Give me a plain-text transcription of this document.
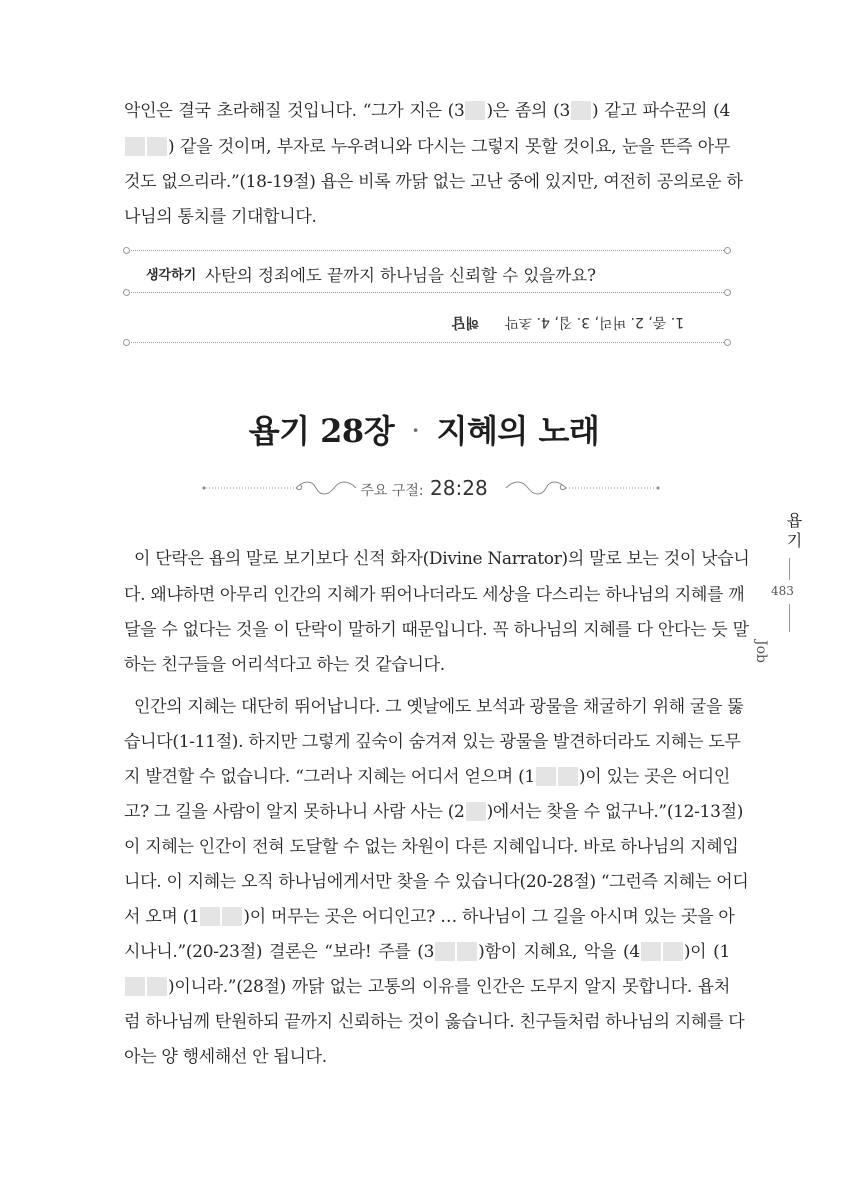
악인은 결국 초라해질 것입니다. “그가 지은 (3 )은 좀의 (3 ) 같고 파수꾼의 (4
) 같을 것이며, 부자로 누우려니와 다시는 그렇지 못할 것이요, 눈을 뜬즉 아무
것도 없으리라.”(18-19절) 욥은 비록 까닭 없는 고난 중에 있지만, 여전히 공의로운 하
나님의 통치를 기대합니다.
생각하기 사탄의 정죄에도 끝까지 하나님을 신뢰할 수 있을까요?
1. 좀, 2. 버리, 3. 집, 4. 초막해답
욥기 28장 · 지혜의 노래
주요 구절: 28:28
이 단락은 욥의 말로 보기보다 신적 화자(Divine Narrator)의 말로 보는 것이 낫습니
다. 왜냐하면 아무리 인간의 지혜가 뛰어나더라도 세상을 다스리는 하나님의 지혜를 깨
달을 수 없다는 것을 이 단락이 말하기 때문입니다. 꼭 하나님의 지혜를 다 안다는 듯 말
하는 친구들을 어리석다고 하는 것 같습니다.
인간의 지혜는 대단히 뛰어납니다. 그 옛날에도 보석과 광물을 채굴하기 위해 굴을 뚫
습니다(1-11절). 하지만 그렇게 깊숙이 숨겨져 있는 광물을 발견하더라도 지혜는 도무
지 발견할 수 없습니다. “그러나 지혜는 어디서 얻으며 (1	)이 있는 곳은 어디인
고? 그 길을 사람이 알지 못하나니 사람 사는 (2 )에서는 찾을 수 없구나.”(12-13절)
이 지혜는 인간이 전혀 도달할 수 없는 차원이 다른 지혜입니다. 바로 하나님의 지혜입
니다. 이 지혜는 오직 하나님에게서만 찾을 수 있습니다(20-28절) “그런즉 지혜는 어디
서 오며 (1	)이 머무는 곳은 어디인고? … 하나님이 그 길을 아시며 있는 곳을 아
시나니.”(20-23절) 결론은 “보라! 주를 (3	)함이 지혜요, 악을 (4	)이 (1
)이니라.”(28절) 까닭 없는 고통의 이유를 인간은 도무지 알지 못합니다. 욥처
럼 하나님께 탄원하되 끝까지 신뢰하는 것이 옳습니다. 친구들처럼 하나님의 지혜를 다
아는 양 행세해선 안 됩니다.
욥기
483
Job
